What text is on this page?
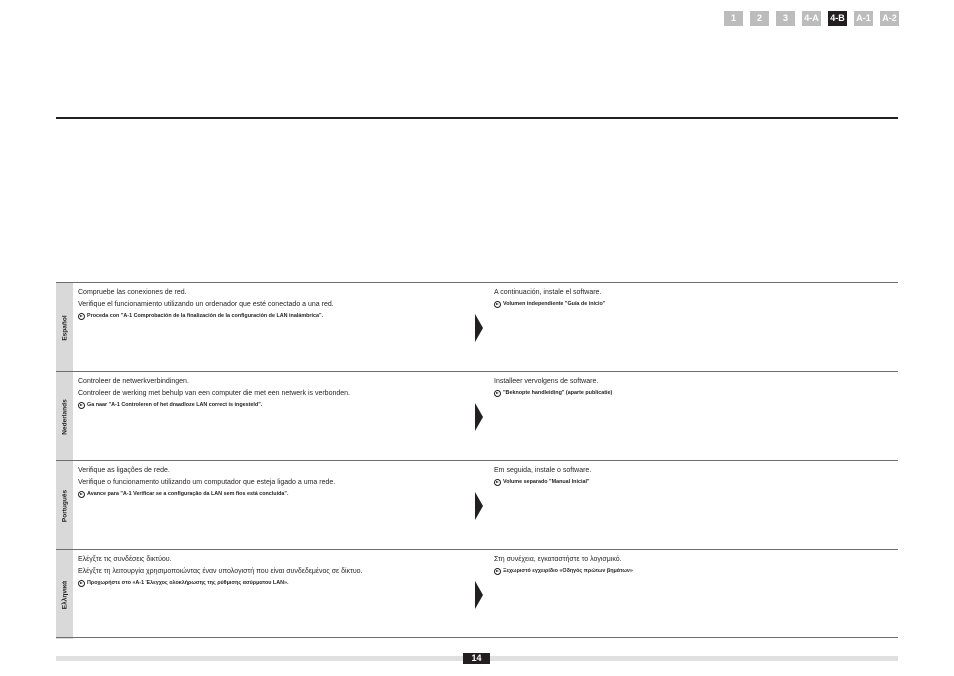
1	2	3	4-A 4-B A-1 A-2
Español
Compruebe las conexiones de red.
Verifique el funcionamiento utilizando un ordenador que esté conectado a una red.
Proceda con "A-1 Comprobación de la finalización de la configuración de LAN inalámbrica".
A continuación, instale el software.
Volumen independiente "Guía de inicio"
Nederlands
Controleer de netwerkverbindingen.
Controleer de werking met behulp van een computer die met een netwerk is verbonden.
Ga naar "A-1 Controleren of het draadloze LAN correct is ingesteld".
Installeer vervolgens de software.
"Beknopte handleiding" (aparte publicatie)
Português
Verifique as ligações de rede.
Verifique o funcionamento utilizando um computador que esteja ligado a uma rede.
Avance para "A-1 Verificar se a configuração da LAN sem fios está concluída".
Em seguida, instale o software.
Volume separado "Manual Inicial"
Ελληνικά
Ελέγξτε τις συνδέσεις δικτύου.
Ελέγξτε τη λειτουργία χρησιμοποιώντας έναν υπολογιστή που είναι συνδεδεμένος σε δίκτυο.
Προχωρήστε στο «A-1 Έλεγχος ολοκλήρωσης της ρύθμισης ασύρματου LAN».
Στη συνέχεια, εγκαταστήστε το λογισμικό.
Ξεχωριστό εγχειρίδιο «Οδηγός πρώτων βημάτων»
14
